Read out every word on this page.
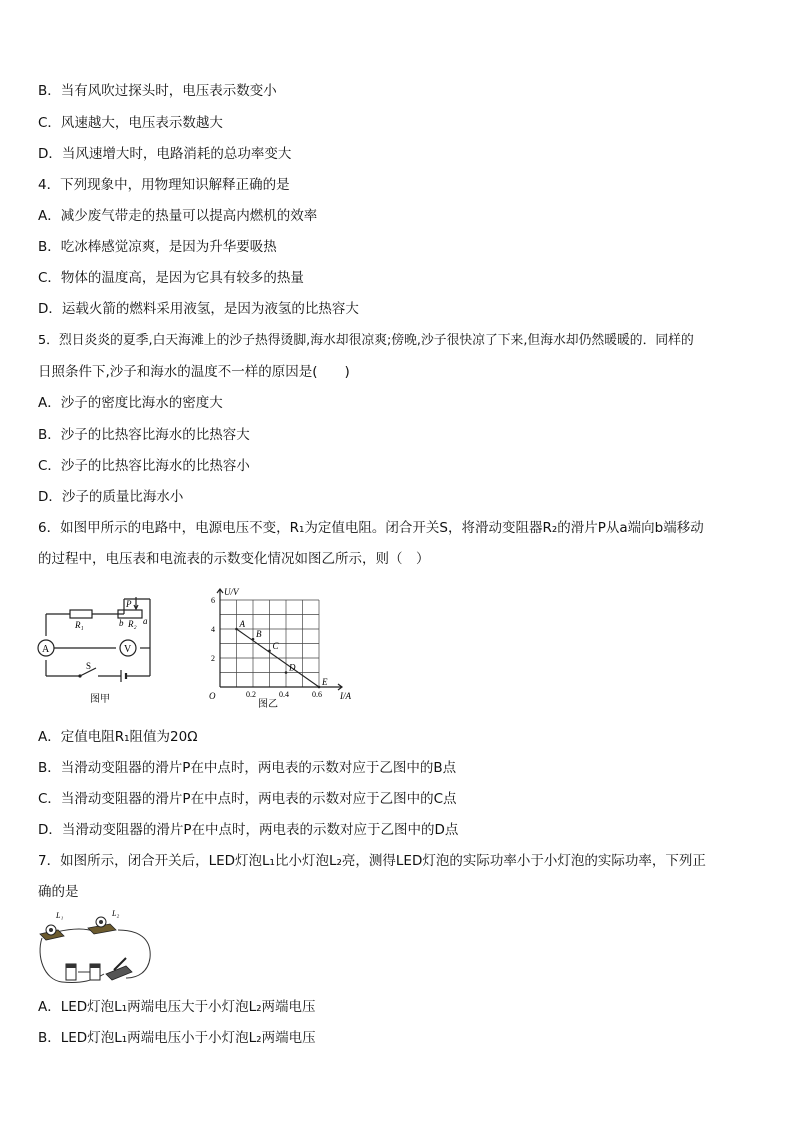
B．当有风吹过探头时，电压表示数变小
C．风速越大，电压表示数越大
D．当风速增大时，电路消耗的总功率变大
4．下列现象中，用物理知识解释正确的是
A．减少废气带走的热量可以提高内燃机的效率
B．吃冰棒感觉凉爽，是因为升华要吸热
C．物体的温度高，是因为它具有较多的热量
D．运载火箭的燃料采用液氢，是因为液氢的比热容大
5．烈日炎炎的夏季,白天海滩上的沙子热得烫脚,海水却很凉爽;傍晚,沙子很快凉了下来,但海水却仍然暖暖的．同样的
日照条件下,沙子和海水的温度不一样的原因是(　　)
A．沙子的密度比海水的密度大
B．沙子的比热容比海水的比热容大
C．沙子的比热容比海水的比热容小
D．沙子的质量比海水小
6．如图甲所示的电路中，电源电压不变，R₁为定值电阻。闭合开关S，将滑动变阻器R₂的滑片P从a端向b端移动
的过程中，电压表和电流表的示数变化情况如图乙所示，则（　）
A	V
R₁	R₂
P
b a
S
图甲
2
4
6
0.2	0.4	0.6
A
B
C
D
E
U/V
I/A
O
图乙
A．定值电阻R₁阻值为20Ω
B．当滑动变阻器的滑片P在中点时，两电表的示数对应于乙图中的B点
C．当滑动变阻器的滑片P在中点时，两电表的示数对应于乙图中的C点
D．当滑动变阻器的滑片P在中点时，两电表的示数对应于乙图中的D点
7．如图所示，闭合开关后，LED灯泡L₁比小灯泡L₂亮，测得LED灯泡的实际功率小于小灯泡的实际功率，下列正
确的是
L₁	L₂
A．LED灯泡L₁两端电压大于小灯泡L₂两端电压
B．LED灯泡L₁两端电压小于小灯泡L₂两端电压
